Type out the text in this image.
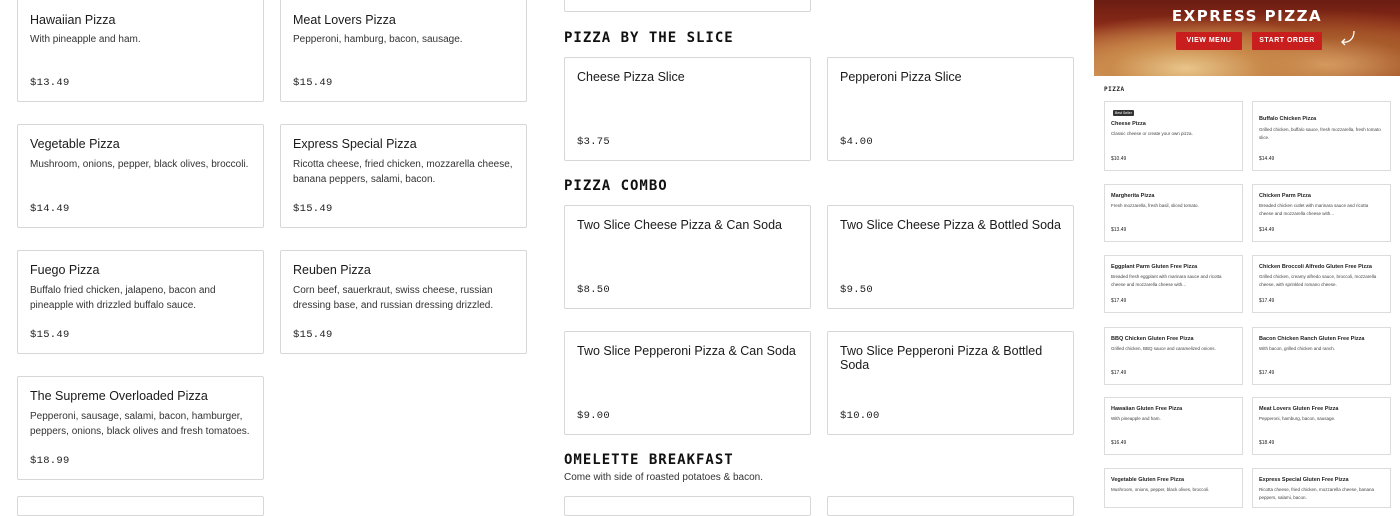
Hawaiian Pizza
With pineapple and ham.
$13.49
Meat Lovers Pizza
Pepperoni, hamburg, bacon, sausage.
$15.49
Vegetable Pizza
Mushroom, onions, pepper, black olives, broccoli.
$14.49
Express Special Pizza
Ricotta cheese, fried chicken, mozzarella cheese, banana peppers, salami, bacon.
$15.49
Fuego Pizza
Buffalo fried chicken, jalapeno, bacon and pineapple with drizzled buffalo sauce.
$15.49
Reuben Pizza
Corn beef, sauerkraut, swiss cheese, russian dressing base, and russian dressing drizzled.
$15.49
The Supreme Overloaded Pizza
Pepperoni, sausage, salami, bacon, hamburger, peppers, onions, black olives and fresh tomatoes.
$18.99
PIZZA BY THE SLICE
Cheese Pizza Slice
$3.75
Pepperoni Pizza Slice
$4.00
PIZZA COMBO
Two Slice Cheese Pizza & Can Soda
$8.50
Two Slice Cheese Pizza & Bottled Soda
$9.50
Two Slice Pepperoni Pizza & Can Soda
$9.00
Two Slice Pepperoni Pizza & Bottled Soda
$10.00
OMELETTE BREAKFAST
Come with side of roasted potatoes & bacon.
EXPRESS PIZZA
VIEW MENU	START ORDER
PIZZA
Best Seller
Cheese Pizza
Classic cheese or create your own pizza.
$10.49
Buffalo Chicken Pizza
Grilled chicken, buffalo sauce, fresh mozzarella, fresh tomato slice.
$14.49
Margherita Pizza
Fresh mozzarella, fresh basil, sliced tomato.
$13.49
Chicken Parm Pizza
Breaded chicken cutlet with marinara sauce and ricotta cheese and mozzarella cheese with...
$14.49
Eggplant Parm Gluten Free Pizza
Breaded fresh eggplant with marinara sauce and ricotta cheese and mozzarella cheese with...
$17.49
Chicken Broccoli Alfredo Gluten Free Pizza
Grilled chicken, creamy alfredo sauce, broccoli, mozzarella cheese, with sprinkled romano cheese.
$17.49
BBQ Chicken Gluten Free Pizza
Grilled chicken, BBQ sauce and caramelized onions.
$17.49
Bacon Chicken Ranch Gluten Free Pizza
With bacon, grilled chicken and ranch.
$17.49
Hawaiian Gluten Free Pizza
With pineapple and ham.
$16.49
Meat Lovers Gluten Free Pizza
Pepperoni, hamburg, bacon, sausage.
$18.49
Vegetable Gluten Free Pizza
Mushroom, onions, pepper, black olives, broccoli.
Express Special Gluten Free Pizza
Ricotta cheese, fried chicken, mozzarella cheese, banana peppers, salami, bacon.
